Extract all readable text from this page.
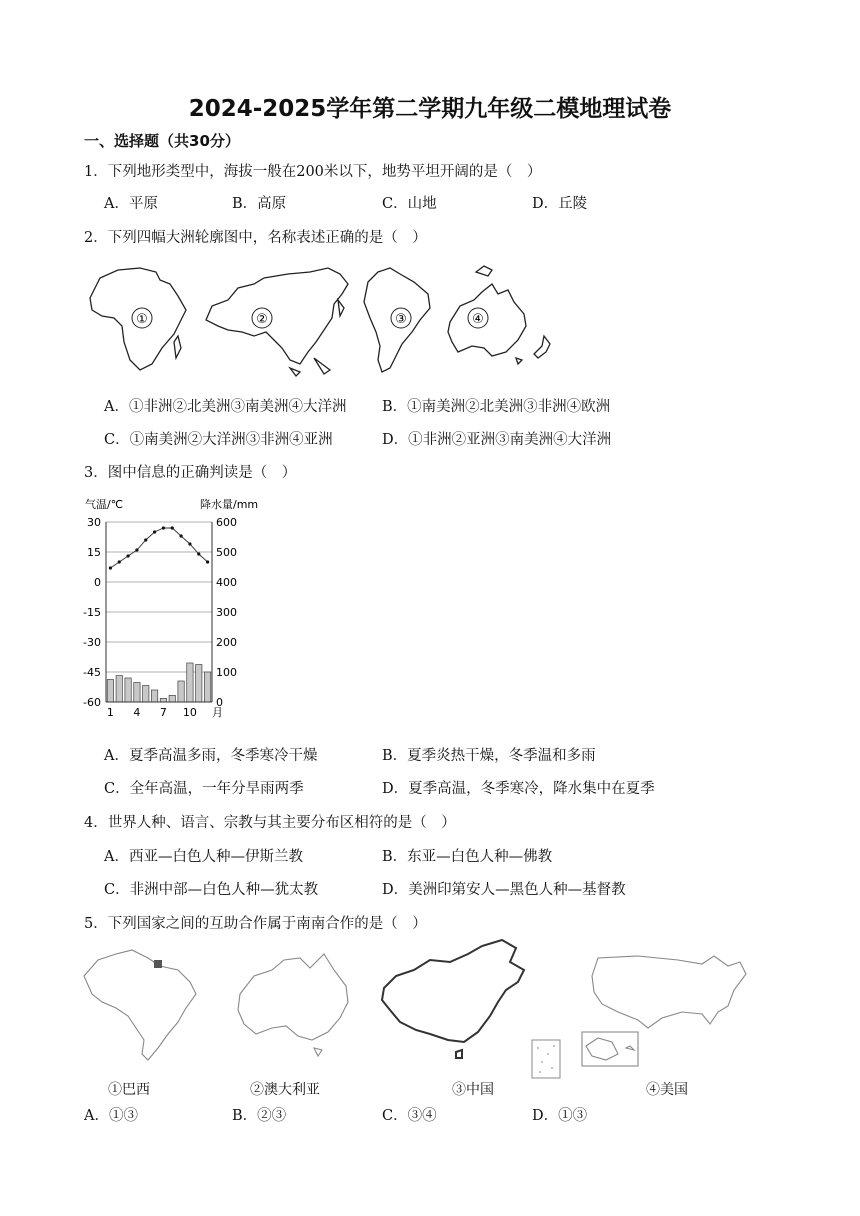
2024-2025学年第二学期九年级二模地理试卷
一、选择题（共30分）
1．下列地形类型中，海拔一般在200米以下，地势平坦开阔的是（　）
A．平原	B．高原	C．山地	D．丘陵
2．下列四幅大洲轮廓图中，名称表述正确的是（　）
①	②	③	④
A．①非洲②北美洲③南美洲④大洋洲 B．①南美洲②北美洲③非洲④欧洲
C．①南美洲②大洋洲③非洲④亚洲	D．①非洲②亚洲③南美洲④大洋洲
3．图中信息的正确判读是（　）
30	600
15	500
0	400
-15	300
-30	200
-45	100
-60	0
1 4 7 10
气温/℃	降水量/mm
月
A．夏季高温多雨，冬季寒冷干燥	B．夏季炎热干燥，冬季温和多雨
C．全年高温，一年分旱雨两季	D．夏季高温，冬季寒冷，降水集中在夏季
4．世界人种、语言、宗教与其主要分布区相符的是（　）
A．西亚—白色人种—伊斯兰教	B．东亚—白色人种—佛教
C．非洲中部—白色人种—犹太教	D．美洲印第安人—黑色人种—基督教
5．下列国家之间的互助合作属于南南合作的是（　）
①巴西	②澳大利亚	③中国	④美国
A．①③	B．②③	C．③④	D．①③
